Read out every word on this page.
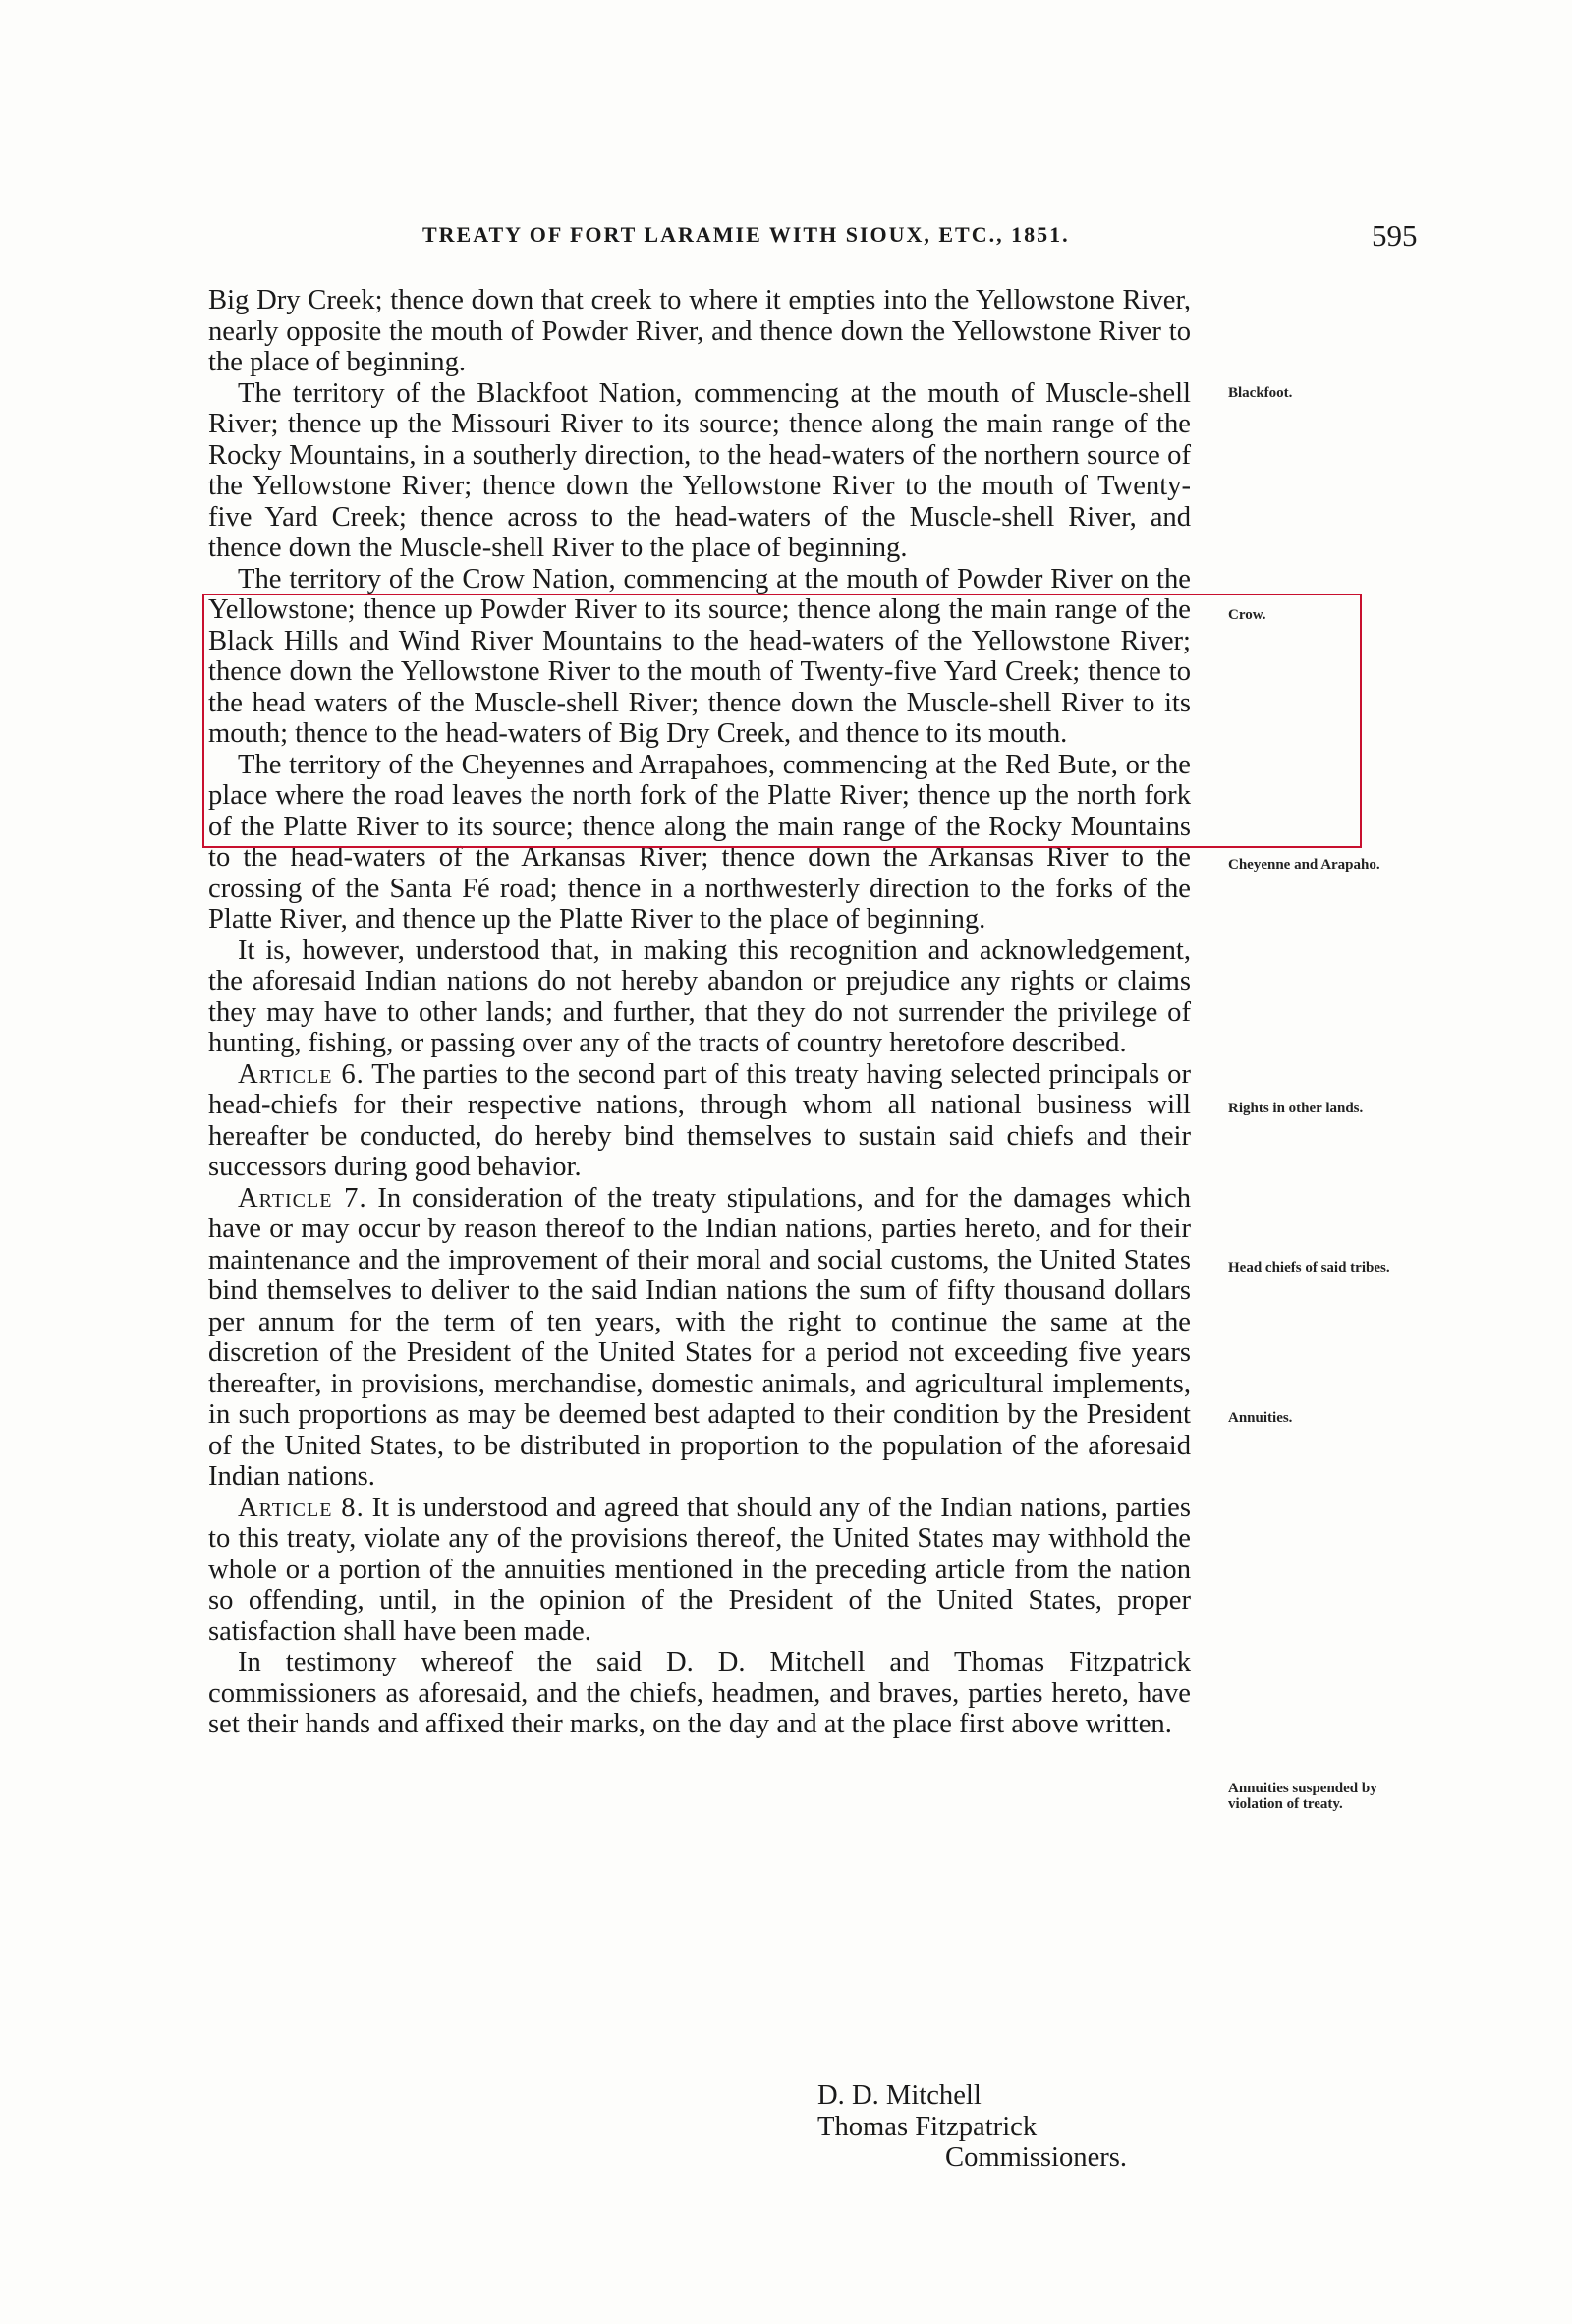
TREATY OF FORT LARAMIE WITH SIOUX, ETC., 1851.	595

Big Dry Creek; thence down that creek to where it empties into the Yellowstone River, nearly opposite the mouth of Powder River, and thence down the Yellowstone River to the place of beginning.

The territory of the Blackfoot Nation, commencing at the mouth of Muscle-shell River; thence up the Missouri River to its source; thence along the main range of the Rocky Mountains, in a southerly direction, to the head-waters of the northern source of the Yellowstone River; thence down the Yellowstone River to the mouth of Twenty-five Yard Creek; thence across to the head-waters of the Muscle-shell River, and thence down the Muscle-shell River to the place of beginning.

The territory of the Crow Nation, commencing at the mouth of Powder River on the Yellowstone; thence up Powder River to its source; thence along the main range of the Black Hills and Wind River Mountains to the head-waters of the Yellowstone River; thence down the Yellowstone River to the mouth of Twenty-five Yard Creek; thence to the head waters of the Muscle-shell River; thence down the Muscle-shell River to its mouth; thence to the head-waters of Big Dry Creek, and thence to its mouth.

The territory of the Cheyennes and Arrapahoes, commencing at the Red Bute, or the place where the road leaves the north fork of the Platte River; thence up the north fork of the Platte River to its source; thence along the main range of the Rocky Mountains to the head-waters of the Arkansas River; thence down the Arkansas River to the crossing of the Santa Fé road; thence in a northwesterly direction to the forks of the Platte River, and thence up the Platte River to the place of beginning.

It is, however, understood that, in making this recognition and acknowledgement, the aforesaid Indian nations do not hereby abandon or prejudice any rights or claims they may have to other lands; and further, that they do not surrender the privilege of hunting, fishing, or passing over any of the tracts of country heretofore described.

Article 6. The parties to the second part of this treaty having selected principals or head-chiefs for their respective nations, through whom all national business will hereafter be conducted, do hereby bind themselves to sustain said chiefs and their successors during good behavior.

Article 7. In consideration of the treaty stipulations, and for the damages which have or may occur by reason thereof to the Indian nations, parties hereto, and for their maintenance and the improvement of their moral and social customs, the United States bind themselves to deliver to the said Indian nations the sum of fifty thousand dollars per annum for the term of ten years, with the right to continue the same at the discretion of the President of the United States for a period not exceeding five years thereafter, in provisions, merchandise, domestic animals, and agricultural implements, in such proportions as may be deemed best adapted to their condition by the President of the United States, to be distributed in proportion to the population of the aforesaid Indian nations.

Article 8. It is understood and agreed that should any of the Indian nations, parties to this treaty, violate any of the provisions thereof, the United States may withhold the whole or a portion of the annuities mentioned in the preceding article from the nation so offending, until, in the opinion of the President of the United States, proper satisfaction shall have been made.

In testimony whereof the said D. D. Mitchell and Thomas Fitzpatrick commissioners as aforesaid, and the chiefs, headmen, and braves, parties hereto, have set their hands and affixed their marks, on the day and at the place first above written.

Blackfoot.
Crow.
Cheyenne and Arapaho.
Rights in other lands.
Head chiefs of said tribes.
Annuities.
Annuities suspended by violation of treaty.
D. D. Mitchell
Thomas Fitzpatrick
Commissioners.
